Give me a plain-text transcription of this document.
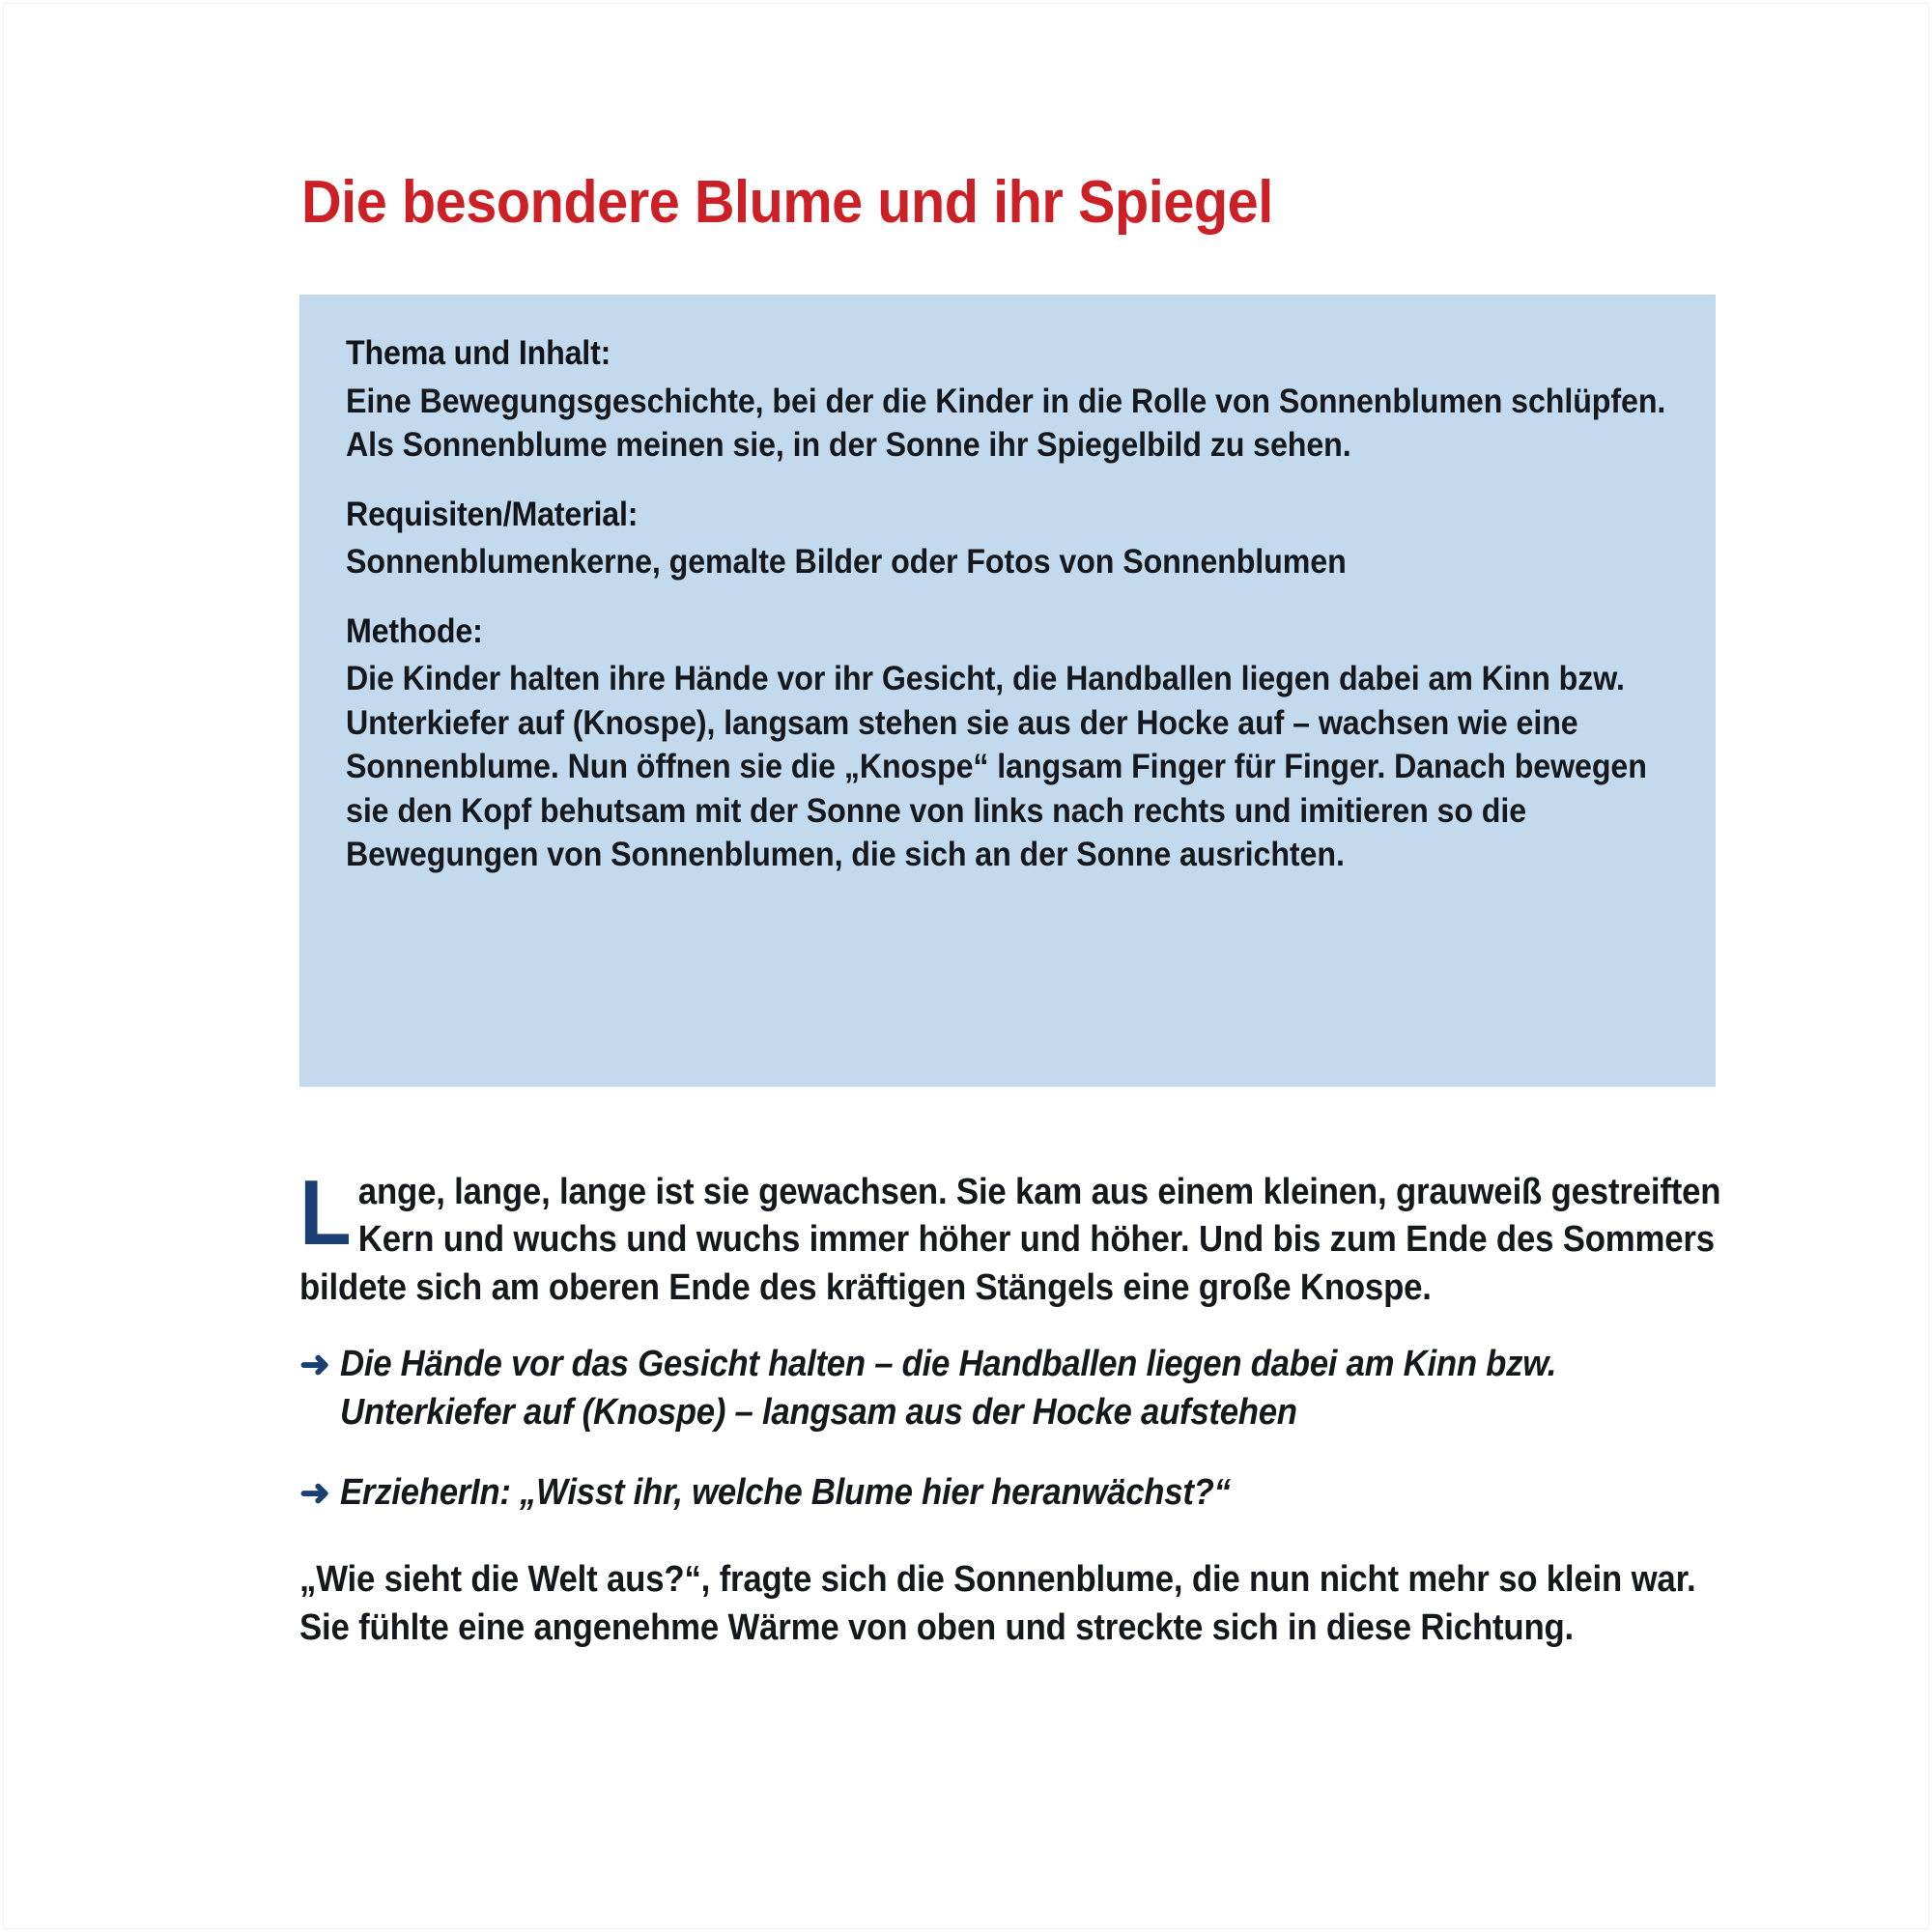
Die besondere Blume und ihr Spiegel
Thema und Inhalt:
Eine Bewegungsgeschichte, bei der die Kinder in die Rolle von Sonnenblumen schlüpfen. Als Sonnenblume meinen sie, in der Sonne ihr Spiegelbild zu sehen.
Requisiten/Material:
Sonnenblumenkerne, gemalte Bilder oder Fotos von Sonnenblumen
Methode:
Die Kinder halten ihre Hände vor ihr Gesicht, die Handballen liegen dabei am Kinn bzw. Unterkiefer auf (Knospe), langsam stehen sie aus der Hocke auf – wachsen wie eine Sonnenblume. Nun öffnen sie die „Knospe“ langsam Finger für Finger. Danach bewegen sie den Kopf behutsam mit der Sonne von links nach rechts und imitieren so die Bewegungen von Sonnenblumen, die sich an der Sonne ausrichten.

Lange, lange, lange ist sie gewachsen. Sie kam aus einem kleinen, grauweiß gestreiften Kern und wuchs und wuchs immer höher und höher. Und bis zum Ende des Sommers bildete sich am oberen Ende des kräftigen Stängels eine große Knospe.

➜ Die Hände vor das Gesicht halten – die Handballen liegen dabei am Kinn bzw. Unterkiefer auf (Knospe) – langsam aus der Hocke aufstehen
➜ ErzieherIn: „Wisst ihr, welche Blume hier heranwächst?“

„Wie sieht die Welt aus?“, fragte sich die Sonnenblume, die nun nicht mehr so klein war. Sie fühlte eine angenehme Wärme von oben und streckte sich in diese Richtung.
